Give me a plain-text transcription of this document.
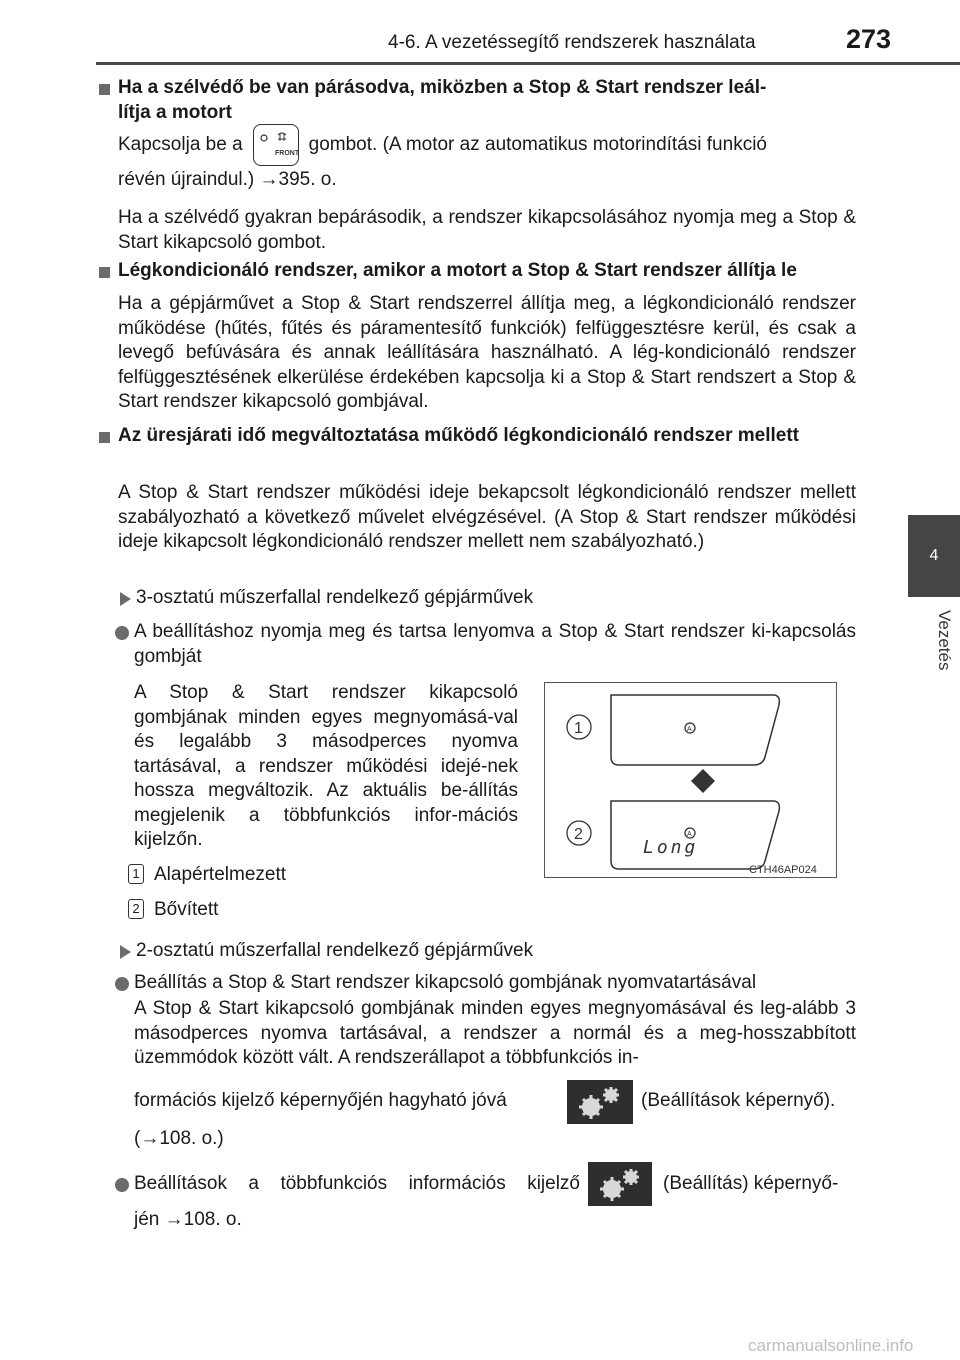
4-6. A vezetéssegítő rendszerek használata	273
4
Vezetés
Ha a szélvédő be van párásodva, miközben a Stop & Start rendszer leál-
lítja a motort
Kapcsolja be a	FRONT gombot. (A motor az automatikus motorindítási funkció
révén újraindul.) →395. o.
Ha a szélvédő gyakran bepárásodik, a rendszer kikapcsolásához nyomja meg a Stop & Start kikapcsoló gombot.
Légkondicionáló rendszer, amikor a motort a Stop & Start rendszer állítja le
Ha a gépjárművet a Stop & Start rendszerrel állítja meg, a légkondicionáló rendszer működése (hűtés, fűtés és páramentesítő funkciók) felfüggesztésre kerül, és csak a levegő befúvására és annak leállítására használható. A lég-kondicionáló rendszer felfüggesztésének elkerülése érdekében kapcsolja ki a Stop & Start rendszert a Stop & Start rendszer kikapcsoló gombjával.
Az üresjárati idő megváltoztatása működő légkondicionáló rendszer mellett
A Stop & Start rendszer működési ideje bekapcsolt légkondicionáló rendszer mellett szabályozható a következő művelet elvégzésével. (A Stop & Start rendszer működési ideje kikapcsolt légkondicionáló rendszer mellett nem szabályozható.)
3-osztatú műszerfallal rendelkező gépjárművek
A beállításhoz nyomja meg és tartsa lenyomva a Stop & Start rendszer ki-kapcsolás gombját
A Stop & Start rendszer kikapcsoló gombjának minden egyes megnyomásá-val és legalább 3 másodperces nyomva tartásával, a rendszer működési idejé-nek hossza megváltozik. Az aktuális be-állítás megjelenik a többfunkciós infor-mációs kijelzőn.
1 Alapértelmezett
2 Bővített
A
1
A
Long
2
CTH46AP024
2-osztatú műszerfallal rendelkező gépjárművek
Beállítás a Stop & Start rendszer kikapcsoló gombjának nyomvatartásával
A Stop & Start kikapcsoló gombjának minden egyes megnyomásával és leg-alább 3 másodperces nyomva tartásával, a rendszer a normál és a meg-hosszabbított üzemmódok között vált. A rendszerállapot a többfunkciós in-
formációs kijelző képernyőjén hagyható jóvá	(Beállítások képernyő).
(→108. o.)
Beállítások a többfunkciós információs kijelző	(Beállítás) képernyő-
jén →108. o.
carmanualsonline.info
